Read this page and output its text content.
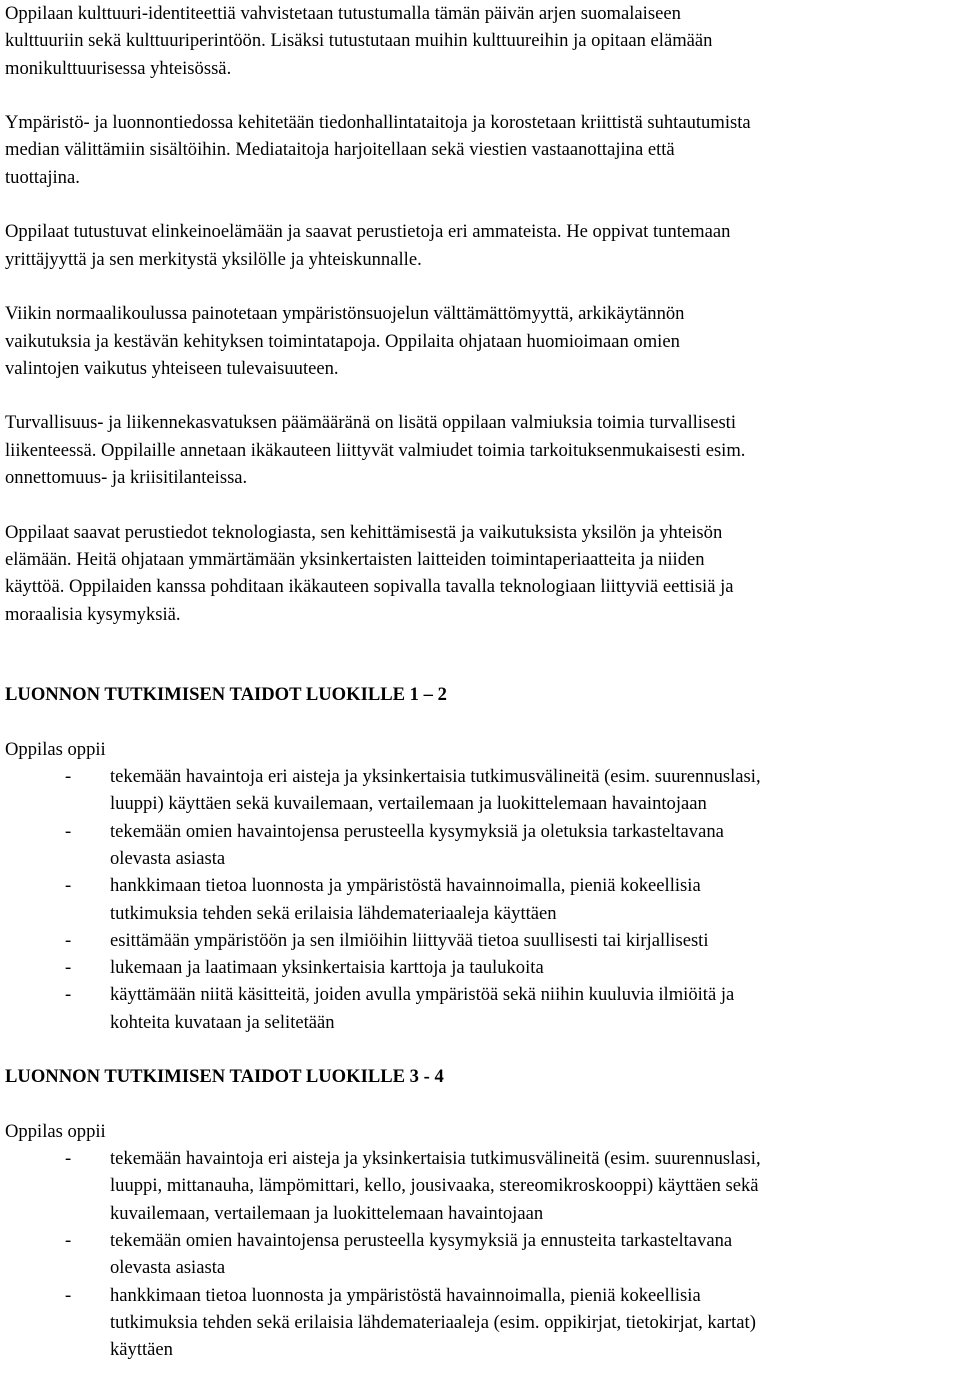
Oppilaan kulttuuri-identiteettiä vahvistetaan tutustumalla tämän päivän arjen suomalaiseen
kulttuuriin sekä kulttuuriperintöön. Lisäksi tutustutaan muihin kulttuureihin ja opitaan elämään
monikulttuurisessa yhteisössä.
Ympäristö- ja luonnontiedossa kehitetään tiedonhallintataitoja ja korostetaan kriittistä suhtautumista
median välittämiin sisältöihin. Mediataitoja harjoitellaan sekä viestien vastaanottajina että
tuottajina.
Oppilaat tutustuvat elinkeinoelämään ja saavat perustietoja eri ammateista. He oppivat tuntemaan
yrittäjyyttä ja sen merkitystä yksilölle ja yhteiskunnalle.
Viikin normaalikoulussa painotetaan ympäristönsuojelun välttämättömyyttä, arkikäytännön
vaikutuksia ja kestävän kehityksen toimintatapoja. Oppilaita ohjataan huomioimaan omien
valintojen vaikutus yhteiseen tulevaisuuteen.
Turvallisuus- ja liikennekasvatuksen päämääränä on lisätä oppilaan valmiuksia toimia turvallisesti
liikenteessä. Oppilaille annetaan ikäkauteen liittyvät valmiudet toimia tarkoituksenmukaisesti esim.
onnettomuus- ja kriisitilanteissa.
Oppilaat saavat perustiedot teknologiasta, sen kehittämisestä ja vaikutuksista yksilön ja yhteisön
elämään. Heitä ohjataan ymmärtämään yksinkertaisten laitteiden toimintaperiaatteita ja niiden
käyttöä. Oppilaiden kanssa pohditaan ikäkauteen sopivalla tavalla teknologiaan liittyviä eettisiä ja
moraalisia kysymyksiä.
LUONNON TUTKIMISEN TAIDOT LUOKILLE 1 – 2
Oppilas oppii
- tekemään havaintoja eri aisteja ja yksinkertaisia tutkimusvälineitä (esim. suurennuslasi,
luuppi) käyttäen sekä kuvailemaan, vertailemaan ja luokittelemaan havaintojaan
- tekemään omien havaintojensa perusteella kysymyksiä ja oletuksia tarkasteltavana
olevasta asiasta
- hankkimaan tietoa luonnosta ja ympäristöstä havainnoimalla, pieniä kokeellisia
tutkimuksia tehden sekä erilaisia lähdemateriaaleja käyttäen
- esittämään ympäristöön ja sen ilmiöihin liittyvää tietoa suullisesti tai kirjallisesti
- lukemaan ja laatimaan yksinkertaisia karttoja ja taulukoita
- käyttämään niitä käsitteitä, joiden avulla ympäristöä sekä niihin kuuluvia ilmiöitä ja
kohteita kuvataan ja selitetään
LUONNON TUTKIMISEN TAIDOT LUOKILLE 3 - 4
Oppilas oppii
- tekemään havaintoja eri aisteja ja yksinkertaisia tutkimusvälineitä (esim. suurennuslasi,
luuppi, mittanauha, lämpömittari, kello, jousivaaka, stereomikroskooppi) käyttäen sekä
kuvailemaan, vertailemaan ja luokittelemaan havaintojaan
- tekemään omien havaintojensa perusteella kysymyksiä ja ennusteita tarkasteltavana
olevasta asiasta
- hankkimaan tietoa luonnosta ja ympäristöstä havainnoimalla, pieniä kokeellisia
tutkimuksia tehden sekä erilaisia lähdemateriaaleja (esim. oppikirjat, tietokirjat, kartat)
käyttäen
